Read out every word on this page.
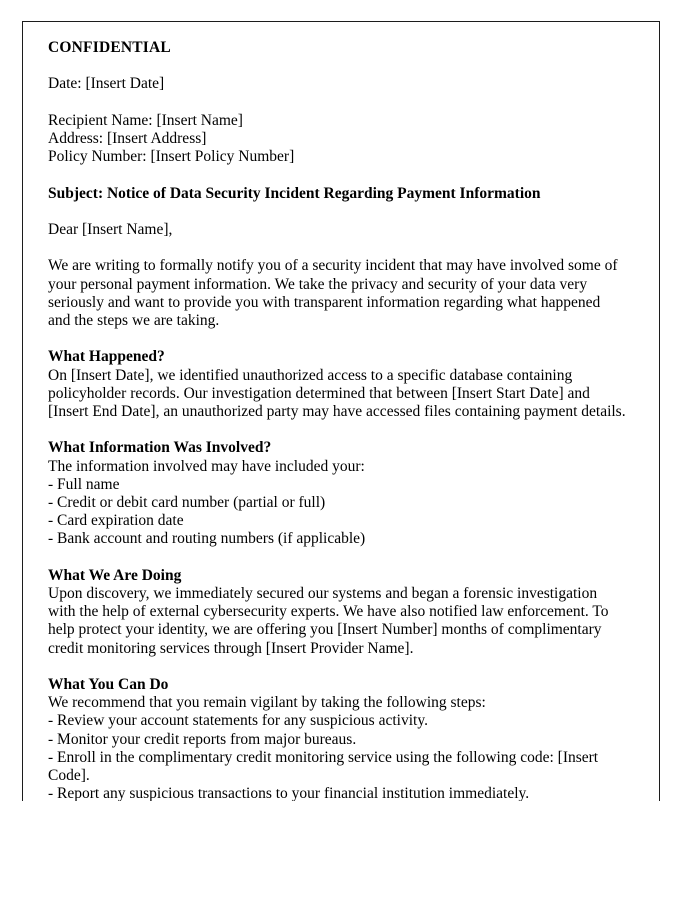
CONFIDENTIAL
Date: [Insert Date]
Recipient Name: [Insert Name]
Address: [Insert Address]
Policy Number: [Insert Policy Number]
Subject: Notice of Data Security Incident Regarding Payment Information
Dear [Insert Name],
We are writing to formally notify you of a security incident that may have involved some of your personal payment information. We take the privacy and security of your data very seriously and want to provide you with transparent information regarding what happened and the steps we are taking.
What Happened?
On [Insert Date], we identified unauthorized access to a specific database containing policyholder records. Our investigation determined that between [Insert Start Date] and [Insert End Date], an unauthorized party may have accessed files containing payment details.
What Information Was Involved?
The information involved may have included your:
- Full name
- Credit or debit card number (partial or full)
- Card expiration date
- Bank account and routing numbers (if applicable)
What We Are Doing
Upon discovery, we immediately secured our systems and began a forensic investigation with the help of external cybersecurity experts. We have also notified law enforcement. To help protect your identity, we are offering you [Insert Number] months of complimentary credit monitoring services through [Insert Provider Name].
What You Can Do
We recommend that you remain vigilant by taking the following steps:
- Review your account statements for any suspicious activity.
- Monitor your credit reports from major bureaus.
- Enroll in the complimentary credit monitoring service using the following code: [Insert Code].
- Report any suspicious transactions to your financial institution immediately.
